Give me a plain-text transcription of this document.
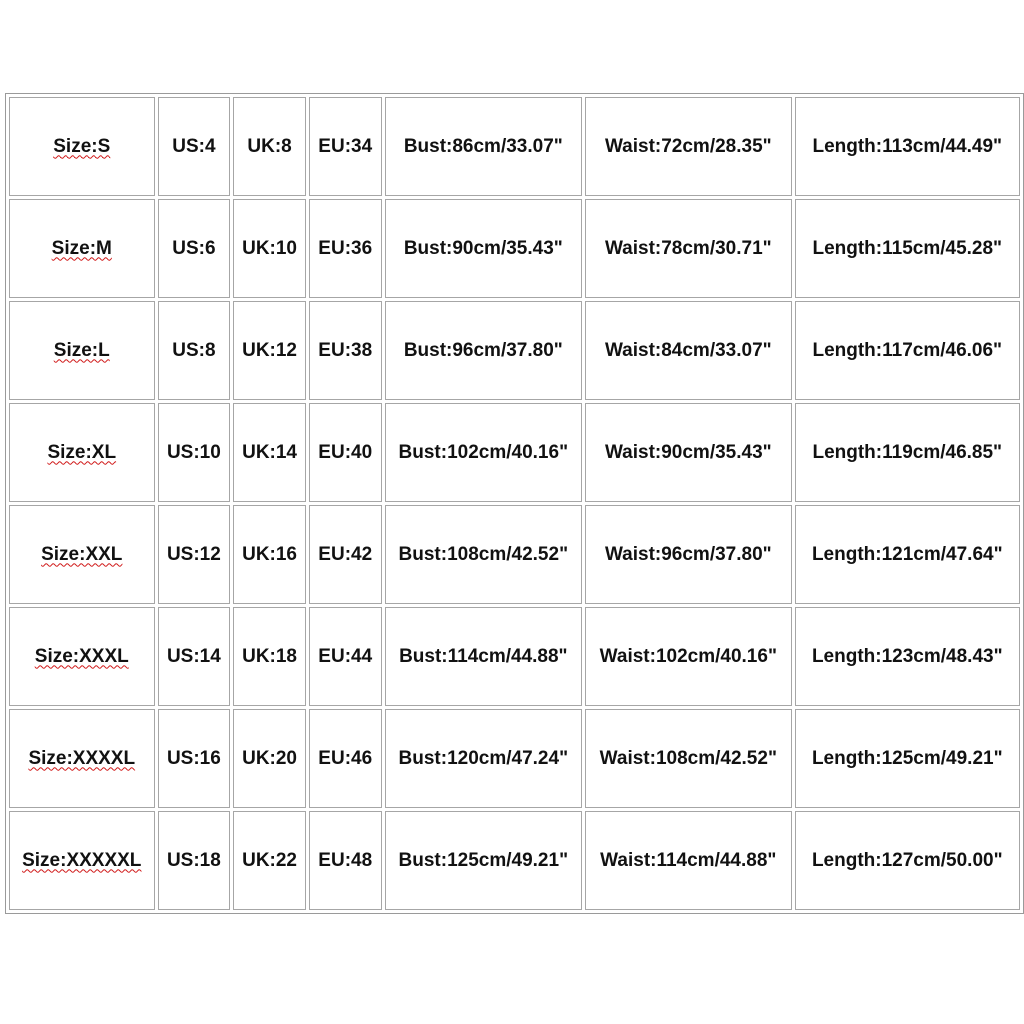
Size:S	US:4	UK:8	EU:34	Bust:86cm/33.07"	Waist:72cm/28.35"	Length:113cm/44.49"
Size:M	US:6	UK:10	EU:36	Bust:90cm/35.43"	Waist:78cm/30.71"	Length:115cm/45.28"
Size:L	US:8	UK:12	EU:38	Bust:96cm/37.80"	Waist:84cm/33.07"	Length:117cm/46.06"
Size:XL	US:10	UK:14	EU:40	Bust:102cm/40.16"	Waist:90cm/35.43"	Length:119cm/46.85"
Size:XXL	US:12	UK:16	EU:42	Bust:108cm/42.52"	Waist:96cm/37.80"	Length:121cm/47.64"
Size:XXXL	US:14	UK:18	EU:44	Bust:114cm/44.88"	Waist:102cm/40.16"	Length:123cm/48.43"
Size:XXXXL	US:16	UK:20	EU:46	Bust:120cm/47.24"	Waist:108cm/42.52"	Length:125cm/49.21"
Size:XXXXXL	US:18	UK:22	EU:48	Bust:125cm/49.21"	Waist:114cm/44.88"	Length:127cm/50.00"
